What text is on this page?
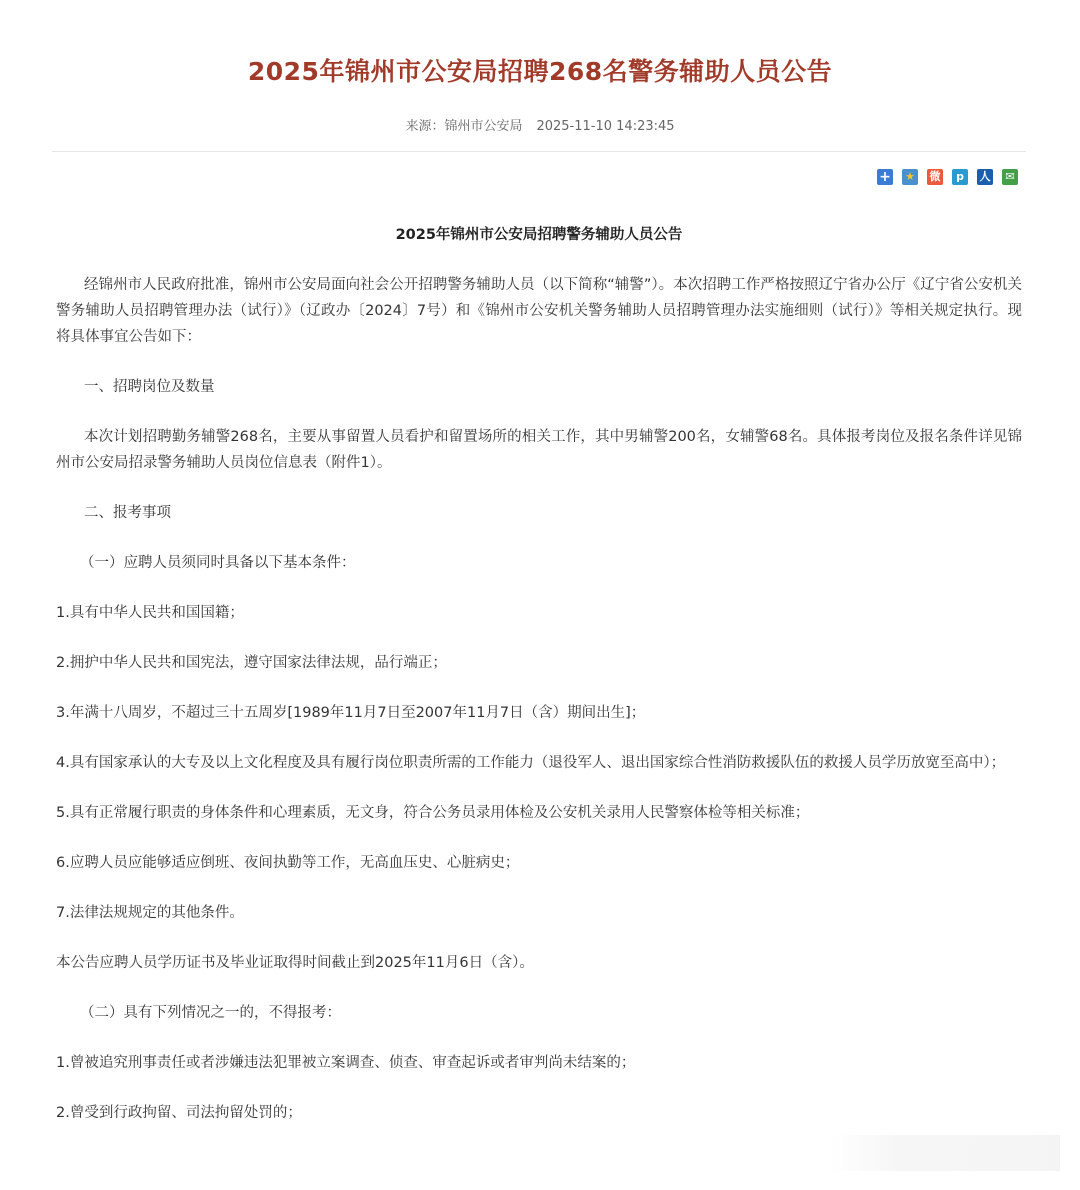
2025年锦州市公安局招聘268名警务辅助人员公告
来源：锦州市公安局 2025-11-10 14:23:45
+ ★ 微	p	人	✉
2025年锦州市公安局招聘警务辅助人员公告

经锦州市人民政府批准，锦州市公安局面向社会公开招聘警务辅助人员（以下简称“辅警”）。本次招聘工作严格按照辽宁省办公厅《辽宁省公安机关警务辅助人员招聘管理办法（试行）》（辽政办〔2024〕7号）和《锦州市公安机关警务辅助人员招聘管理办法实施细则（试行）》等相关规定执行。现将具体事宜公告如下：

一、招聘岗位及数量

本次计划招聘勤务辅警268名，主要从事留置人员看护和留置场所的相关工作，其中男辅警200名，女辅警68名。具体报考岗位及报名条件详见锦州市公安局招录警务辅助人员岗位信息表（附件1）。

二、报考事项

（一）应聘人员须同时具备以下基本条件：

1.具有中华人民共和国国籍；

2.拥护中华人民共和国宪法，遵守国家法律法规，品行端正；

3.年满十八周岁，不超过三十五周岁[1989年11月7日至2007年11月7日（含）期间出生]；

4.具有国家承认的大专及以上文化程度及具有履行岗位职责所需的工作能力（退役军人、退出国家综合性消防救援队伍的救援人员学历放宽至高中）；

5.具有正常履行职责的身体条件和心理素质，无文身，符合公务员录用体检及公安机关录用人民警察体检等相关标准；

6.应聘人员应能够适应倒班、夜间执勤等工作，无高血压史、心脏病史；

7.法律法规规定的其他条件。

本公告应聘人员学历证书及毕业证取得时间截止到2025年11月6日（含）。

（二）具有下列情况之一的，不得报考：

1.曾被追究刑事责任或者涉嫌违法犯罪被立案调查、侦查、审查起诉或者审判尚未结案的；

2.曾受到行政拘留、司法拘留处罚的；
